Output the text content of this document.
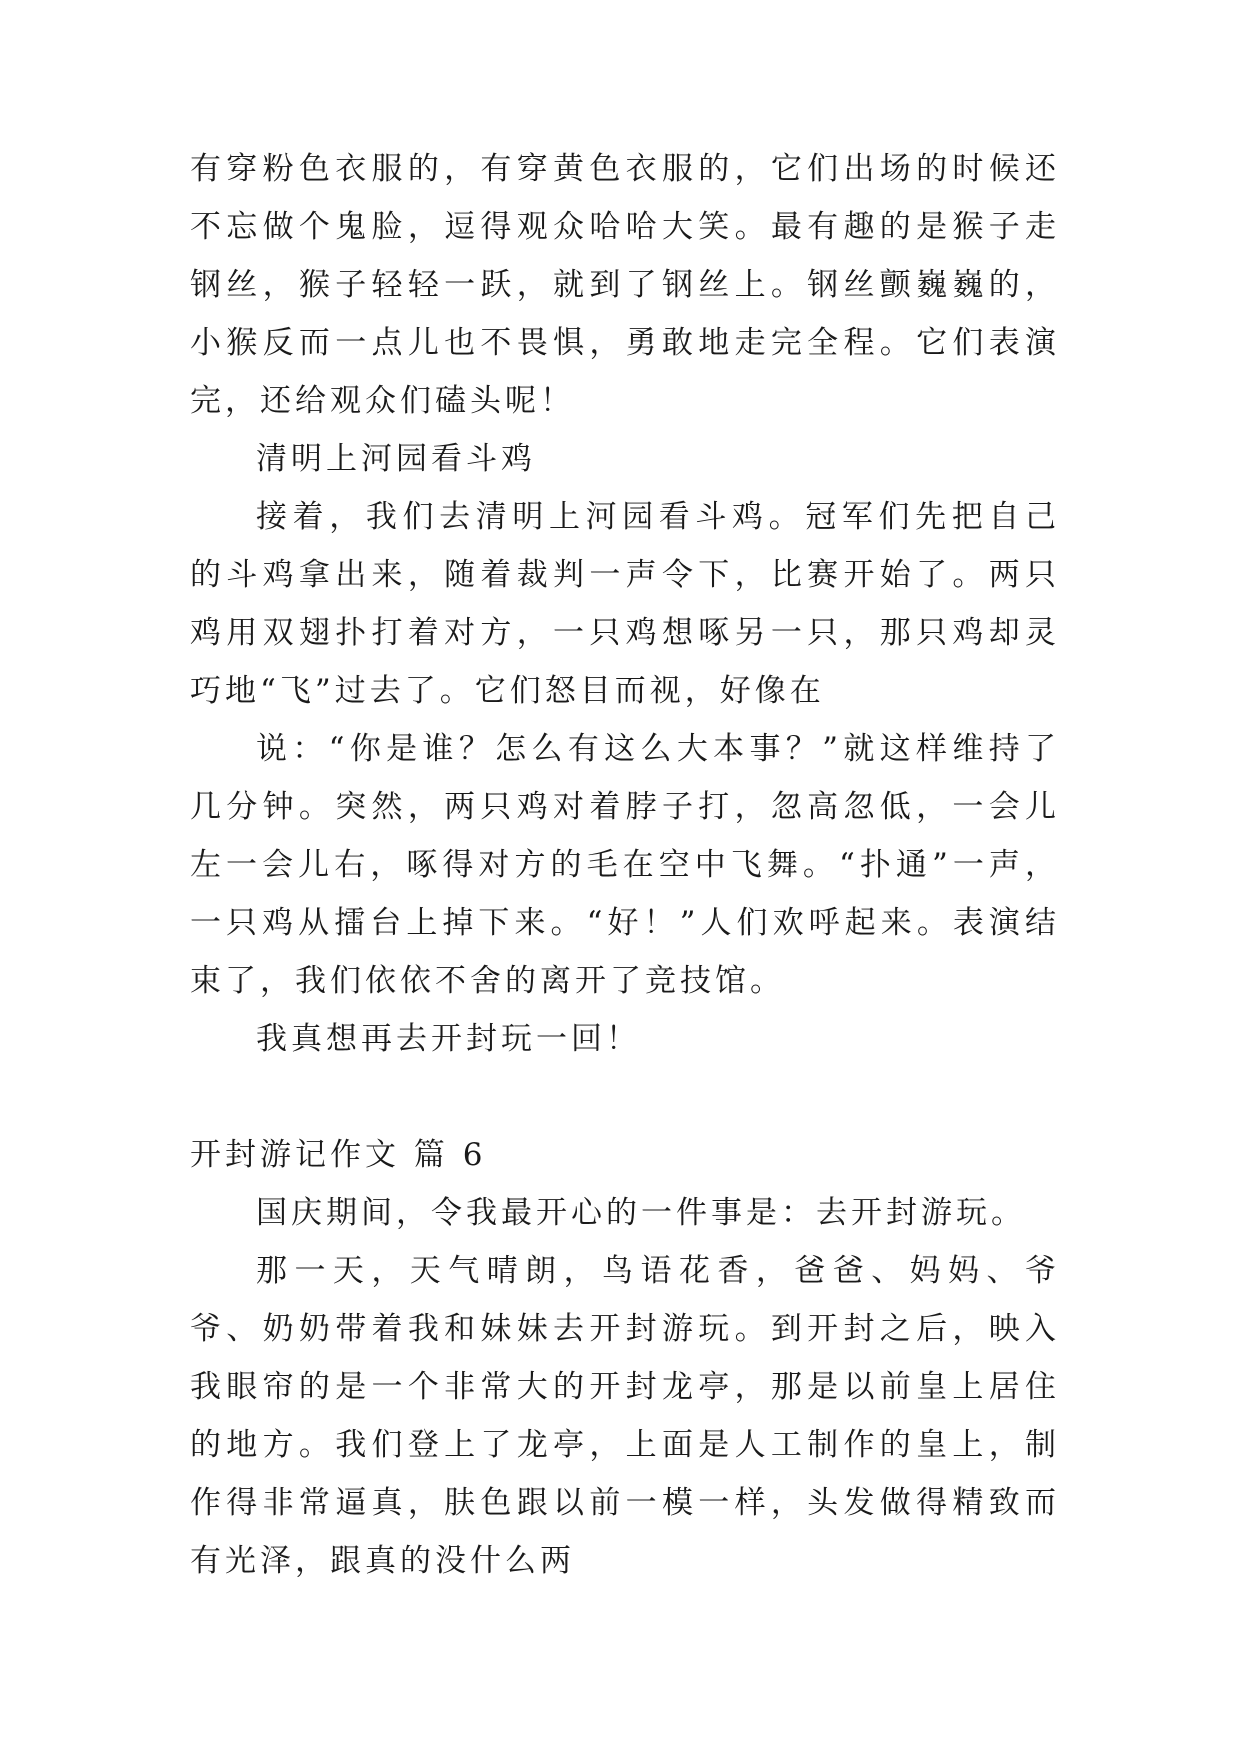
有穿粉色衣服的，有穿黄色衣服的，它们出场的时候还不忘做个鬼脸，逗得观众哈哈大笑。最有趣的是猴子走钢丝，猴子轻轻一跃，就到了钢丝上。钢丝颤巍巍的，小猴反而一点儿也不畏惧，勇敢地走完全程。它们表演完，还给观众们磕头呢！

清明上河园看斗鸡

接着，我们去清明上河园看斗鸡。冠军们先把自己的斗鸡拿出来，随着裁判一声令下，比赛开始了。两只鸡用双翅扑打着对方，一只鸡想啄另一只，那只鸡却灵巧地“飞”过去了。它们怒目而视，好像在

说：“你是谁？怎么有这么大本事？”就这样维持了几分钟。突然，两只鸡对着脖子打，忽高忽低，一会儿左一会儿右，啄得对方的毛在空中飞舞。“扑通”一声，一只鸡从擂台上掉下来。“好！”人们欢呼起来。表演结束了，我们依依不舍的离开了竞技馆。

我真想再去开封玩一回！

开封游记作文 篇 6

国庆期间，令我最开心的一件事是：去开封游玩。

那一天，天气晴朗，鸟语花香，爸爸、妈妈、爷爷、奶奶带着我和妹妹去开封游玩。到开封之后，映入我眼帘的是一个非常大的开封龙亭，那是以前皇上居住的地方。我们登上了龙亭，上面是人工制作的皇上，制作得非常逼真，肤色跟以前一模一样，头发做得精致而有光泽，跟真的没什么两
